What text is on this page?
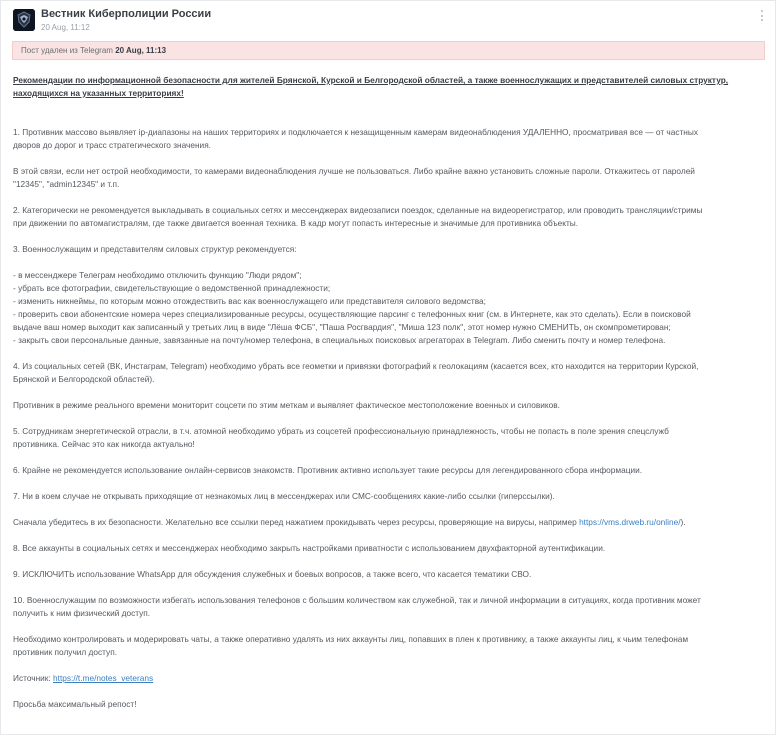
Вестник Киберполиции России
20 Aug, 11:12
Пост удален из Telegram 20 Aug, 11:13

Рекомендации по информационной безопасности для жителей Брянской, Курской и Белгородской областей, а также военнослужащих и представителей силовых структур,

находящихся на указанных территориях!

1. Противник массово выявляет ip-диапазоны на наших территориях и подключается к незащищенным камерам видеонаблюдения УДАЛЕННО, просматривая все — от частных

дворов до дорог и трасс стратегического значения.

В этой связи, если нет острой необходимости, то камерами видеонаблюдения лучше не пользоваться. Либо крайне важно установить сложные пароли. Откажитесь от паролей

"12345", "admin12345" и т.п.

2. Категорически не рекомендуется выкладывать в социальных сетях и мессенджерах видеозаписи поездок, сделанные на видеорегистратор, или проводить трансляции/стримы

при движении по автомагистралям, где также двигается военная техника. В кадр могут попасть интересные и значимые для противника объекты.

3. Военнослужащим и представителям силовых структур рекомендуется:

- в мессенджере Телеграм необходимо отключить функцию "Люди рядом";

- убрать все фотографии, свидетельствующие о ведомственной принадлежности;

- изменить никнеймы, по которым можно отождествить вас как военнослужащего или представителя силового ведомства;

- проверить свои абонентские номера через специализированные ресурсы, осуществляющие парсинг с телефонных книг (см. в Интернете, как это сделать). Если в поисковой

выдаче ваш номер выходит как записанный у третьих лиц в виде "Лёша ФСБ", "Паша Росгвардия", "Миша 123 полк", этот номер нужно СМЕНИТЬ, он скомпрометирован;

- закрыть свои персональные данные, завязанные на почту/номер телефона, в специальных поисковых агрегаторах в Telegram. Либо сменить почту и номер телефона.

4. Из социальных сетей (ВК, Инстаграм, Telegram) необходимо убрать все геометки и привязки фотографий к геолокациям (касается всех, кто находится на территории Курской,

Брянской и Белгородской областей).

Противник в режиме реального времени мониторит соцсети по этим меткам и выявляет фактическое местоположение военных и силовиков.

5. Сотрудникам энергетической отрасли, в т.ч. атомной необходимо убрать из соцсетей профессиональную принадлежность, чтобы не попасть в поле зрения спецслужб

противника. Сейчас это как никогда актуально!

6. Крайне не рекомендуется использование онлайн-сервисов знакомств. Противник активно использует такие ресурсы для легендированного сбора информации.

7. Ни в коем случае не открывать приходящие от незнакомых лиц в мессенджерах или СМС-сообщениях какие-либо ссылки (гиперссылки).

Сначала убедитесь в их безопасности. Желательно все ссылки перед нажатием прокидывать через ресурсы, проверяющие на вирусы, например https://vms.drweb.ru/online/).

8. Все аккаунты в социальных сетях и мессенджерах необходимо закрыть настройками приватности с использованием двухфакторной аутентификации.

9. ИСКЛЮЧИТЬ использование WhatsApp для обсуждения служебных и боевых вопросов, а также всего, что касается тематики СВО.

10. Военнослужащим по возможности избегать использования телефонов с большим количеством как служебной, так и личной информации в ситуациях, когда противник может

получить к ним физический доступ.

Необходимо контролировать и модерировать чаты, а также оперативно удалять из них аккаунты лиц, попавших в плен к противнику, а также аккаунты лиц, к чьим телефонам

противник получил доступ.

Источник: https://t.me/notes_veterans

Просьба максимальный репост!
